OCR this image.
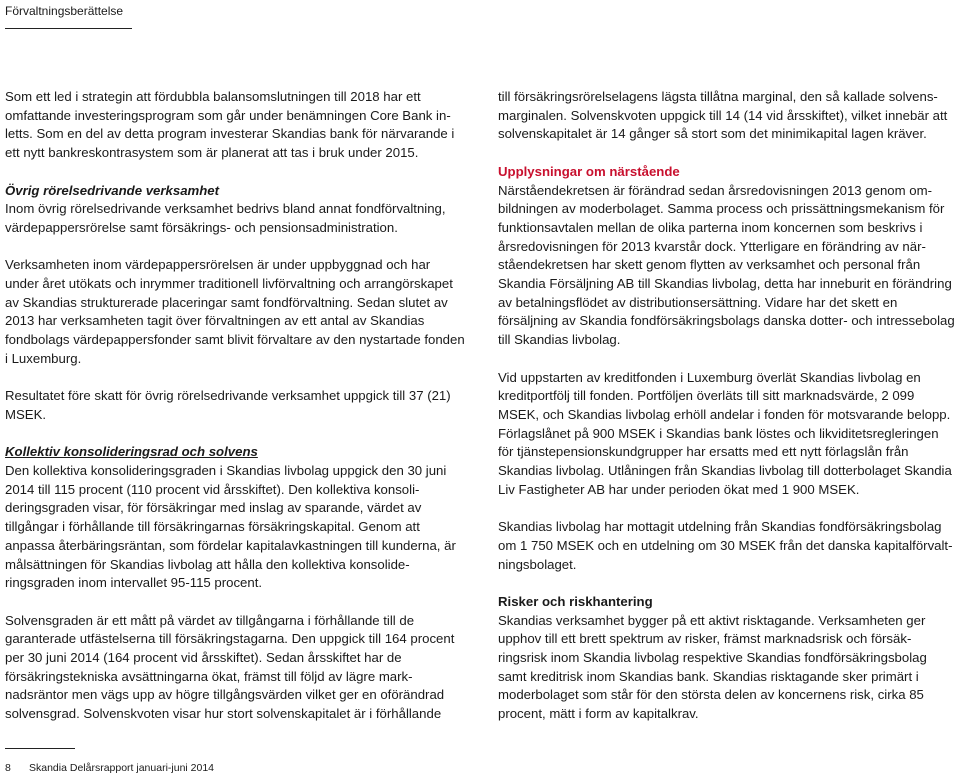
Förvaltningsberättelse

Som ett led i strategin att fördubbla balansomslutningen till 2018 har ett omfattande investeringsprogram som går under benämningen Core Bank inletts. Som en del av detta program investerar Skandias bank för närvarande i ett nytt bankreskontrasystem som är planerat att tas i bruk under 2015.

Övrig rörelsedrivande verksamhet
Inom övrig rörelsedrivande verksamhet bedrivs bland annat fondförvaltning, värdepappersrörelse samt försäkrings- och pensionsadministration.

Verksamheten inom värdepappersrörelsen är under uppbyggnad och har under året utökats och inrymmer traditionell livförvaltning och arrangörskapet av Skandias strukturerade placeringar samt fondförvaltning. Sedan slutet av 2013 har verksamheten tagit över förvaltningen av ett antal av Skandias fondbolags värdepappersfonder samt blivit förvaltare av den nystartade fonden i Luxemburg.

Resultatet före skatt för övrig rörelsedrivande verksamhet uppgick till 37 (21) MSEK.

Kollektiv konsolideringsrad och solvens
Den kollektiva konsolideringsgraden i Skandias livbolag uppgick den 30 juni 2014 till 115 procent (110 procent vid årsskiftet). Den kollektiva konsolideringsgraden visar, för försäkringar med inslag av sparande, värdet av tillgångar i förhållande till försäkringarnas försäkringskapital. Genom att anpassa återbäringsräntan, som fördelar kapitalavkastningen till kunderna, är målsättningen för Skandias livbolag att hålla den kollektiva konsolideringsgraden inom intervallet 95-115 procent.

Solvensgraden är ett mått på värdet av tillgångarna i förhållande till de garanterade utfästelserna till försäkringstagarna. Den uppgick till 164 procent per 30 juni 2014 (164 procent vid årsskiftet). Sedan årsskiftet har de försäkringstekniska avsättningarna ökat, främst till följd av lägre marknadsräntor men vägs upp av högre tillgångsvärden vilket ger en oförändrad solvensgrad. Solvenskvoten visar hur stort solvenskapitalet är i förhållande

till försäkringsrörelselagens lägsta tillåtna marginal, den så kallade solvensmarginalen. Solvenskvoten uppgick till 14 (14 vid årsskiftet), vilket innebär att solvenskapitalet är 14 gånger så stort som det minimikapital lagen kräver.

Upplysningar om närstående
Närståendekretsen är förändrad sedan årsredovisningen 2013 genom ombildningen av moderbolaget. Samma process och prissättningsmekanism för funktionsavtalen mellan de olika parterna inom koncernen som beskrivs i årsredovisningen för 2013 kvarstår dock. Ytterligare en förändring av närståendekretsen har skett genom flytten av verksamhet och personal från Skandia Försäljning AB till Skandias livbolag, detta har inneburit en förändring av betalningsflödet av distributionsersättning. Vidare har det skett en försäljning av Skandia fondförsäkringsbolags danska dotter- och intressebolag till Skandias livbolag.

Vid uppstarten av kreditfonden i Luxemburg överlät Skandias livbolag en kreditportfölj till fonden. Portföljen överläts till sitt marknadsvärde, 2 099 MSEK, och Skandias livbolag erhöll andelar i fonden för motsvarande belopp. Förlagslånet på 900 MSEK i Skandias bank löstes och likviditetsregleringen för tjänstepensionskundgrupper har ersatts med ett nytt förlagslån från Skandias livbolag. Utlåningen från Skandias livbolag till dotterbolaget Skandia Liv Fastigheter AB har under perioden ökat med 1 900 MSEK.

Skandias livbolag har mottagit utdelning från Skandias fondförsäkringsbolag om 1 750 MSEK och en utdelning om 30 MSEK från det danska kapitalförvaltningsbolaget.

Risker och riskhantering
Skandias verksamhet bygger på ett aktivt risktagande. Verksamheten ger upphov till ett brett spektrum av risker, främst marknadsrisk och försäkringsrisk inom Skandia livbolag respektive Skandias fondförsäkringsbolag samt kreditrisk inom Skandias bank. Skandias risktagande sker primärt i moderbolaget som står för den största delen av koncernens risk, cirka 85 procent, mätt i form av kapitalkrav.

8 Skandia Delårsrapport januari-juni 2014
